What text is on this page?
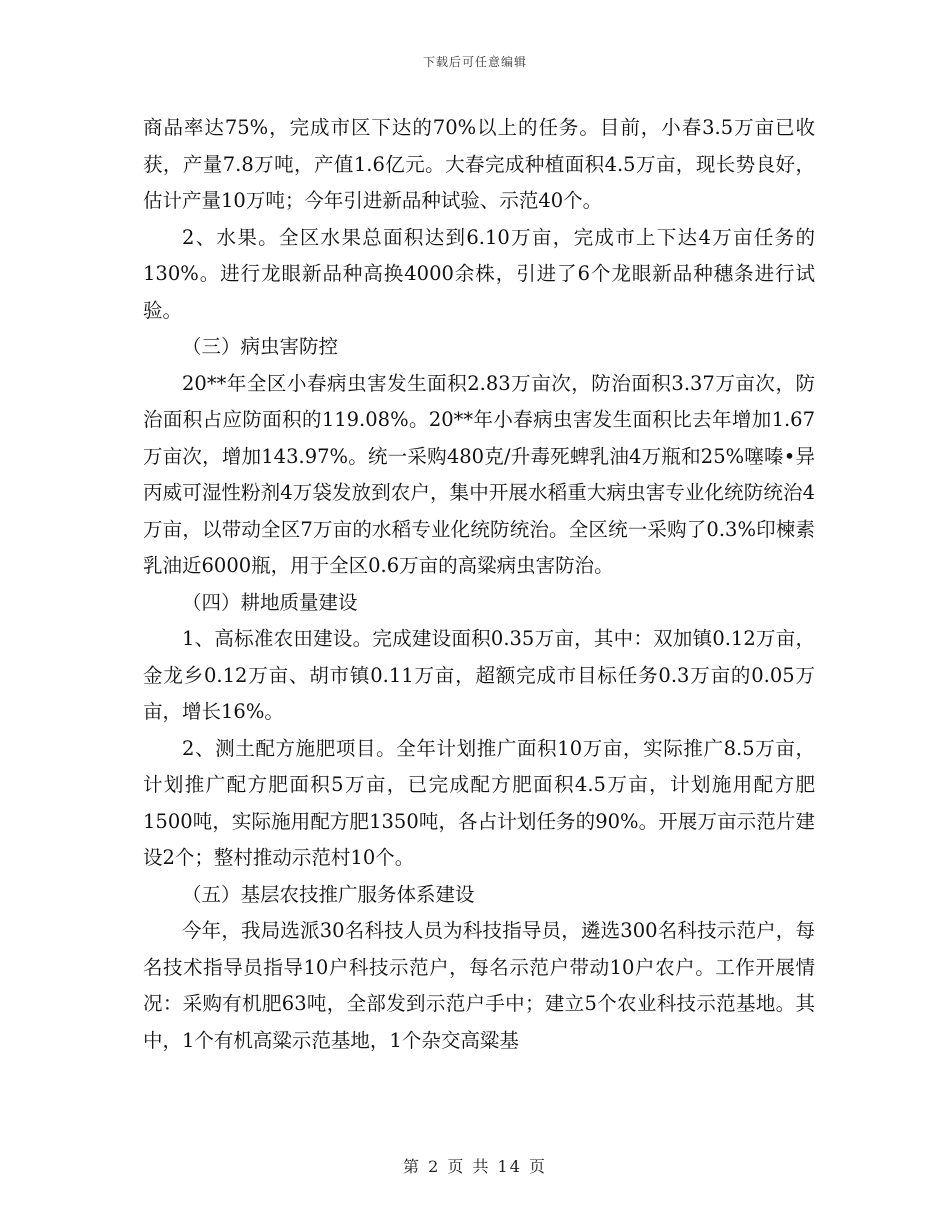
下载后可任意编辑

商品率达75%，完成市区下达的70%以上的任务。目前，小春3.5万亩已收获，产量7.8万吨，产值1.6亿元。大春完成种植面积4.5万亩，现长势良好，估计产量10万吨；今年引进新品种试验、示范40个。

2、水果。全区水果总面积达到6.10万亩，完成市上下达4万亩任务的130%。进行龙眼新品种高换4000余株，引进了6个龙眼新品种穗条进行试验。

（三）病虫害防控

20**年全区小春病虫害发生面积2.83万亩次，防治面积3.37万亩次，防治面积占应防面积的119.08%。20**年小春病虫害发生面积比去年增加1.67万亩次，增加143.97%。统一采购480克/升毒死蜱乳油4万瓶和25%噻嗪•异丙威可湿性粉剂4万袋发放到农户，集中开展水稻重大病虫害专业化统防统治4万亩，以带动全区7万亩的水稻专业化统防统治。全区统一采购了0.3%印楝素乳油近6000瓶，用于全区0.6万亩的高粱病虫害防治。

（四）耕地质量建设

1、高标准农田建设。完成建设面积0.35万亩，其中：双加镇0.12万亩，金龙乡0.12万亩、胡市镇0.11万亩，超额完成市目标任务0.3万亩的0.05万亩，增长16%。

2、测土配方施肥项目。全年计划推广面积10万亩，实际推广8.5万亩，计划推广配方肥面积5万亩，已完成配方肥面积4.5万亩，计划施用配方肥1500吨，实际施用配方肥1350吨，各占计划任务的90%。开展万亩示范片建设2个；整村推动示范村10个。

（五）基层农技推广服务体系建设

今年，我局选派30名科技人员为科技指导员，遴选300名科技示范户，每名技术指导员指导10户科技示范户，每名示范户带动10户农户。工作开展情况：采购有机肥63吨，全部发到示范户手中；建立5个农业科技示范基地。其中，1个有机高粱示范基地，1个杂交高粱基

第 2 页 共 14 页
